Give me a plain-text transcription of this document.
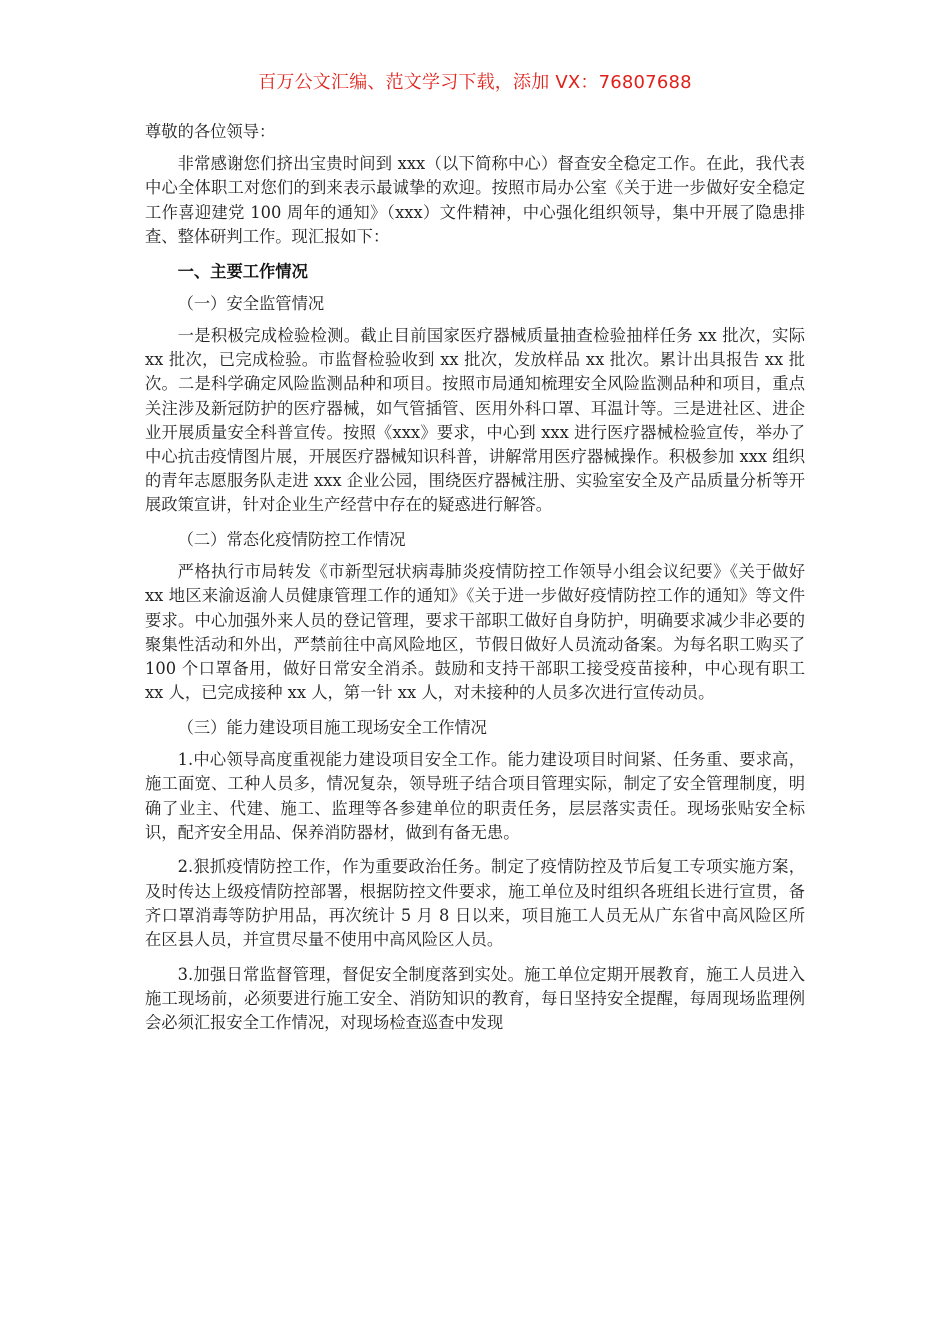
百万公文汇编、范文学习下载，添加 VX：76807688

尊敬的各位领导：

非常感谢您们挤出宝贵时间到 xxx（以下简称中心）督查安全稳定工作。在此，我代表中心全体职工对您们的到来表示最诚挚的欢迎。按照市局办公室《关于进一步做好安全稳定工作喜迎建党 100 周年的通知》（xxx）文件精神，中心强化组织领导，集中开展了隐患排查、整体研判工作。现汇报如下：

一、主要工作情况
（一）安全监管情况

一是积极完成检验检测。截止目前国家医疗器械质量抽查检验抽样任务 xx 批次，实际 xx 批次，已完成检验。市监督检验收到 xx 批次，发放样品 xx 批次。累计出具报告 xx 批次。二是科学确定风险监测品种和项目。按照市局通知梳理安全风险监测品种和项目，重点关注涉及新冠防护的医疗器械，如气管插管、医用外科口罩、耳温计等。三是进社区、进企业开展质量安全科普宣传。按照《xxx》要求，中心到 xxx 进行医疗器械检验宣传，举办了中心抗击疫情图片展，开展医疗器械知识科普，讲解常用医疗器械操作。积极参加 xxx 组织的青年志愿服务队走进 xxx 企业公园，围绕医疗器械注册、实验室安全及产品质量分析等开展政策宣讲，针对企业生产经营中存在的疑惑进行解答。

（二）常态化疫情防控工作情况

严格执行市局转发《市新型冠状病毒肺炎疫情防控工作领导小组会议纪要》《关于做好 xx 地区来渝返渝人员健康管理工作的通知》《关于进一步做好疫情防控工作的通知》等文件要求。中心加强外来人员的登记管理，要求干部职工做好自身防护，明确要求减少非必要的聚集性活动和外出，严禁前往中高风险地区，节假日做好人员流动备案。为每名职工购买了 100 个口罩备用，做好日常安全消杀。鼓励和支持干部职工接受疫苗接种，中心现有职工 xx 人，已完成接种 xx 人，第一针 xx 人，对未接种的人员多次进行宣传动员。

（三）能力建设项目施工现场安全工作情况

1.中心领导高度重视能力建设项目安全工作。能力建设项目时间紧、任务重、要求高，施工面宽、工种人员多，情况复杂，领导班子结合项目管理实际，制定了安全管理制度，明确了业主、代建、施工、监理等各参建单位的职责任务，层层落实责任。现场张贴安全标识，配齐安全用品、保养消防器材，做到有备无患。

2.狠抓疫情防控工作，作为重要政治任务。制定了疫情防控及节后复工专项实施方案，及时传达上级疫情防控部署，根据防控文件要求，施工单位及时组织各班组长进行宣贯，备齐口罩消毒等防护用品，再次统计 5 月 8 日以来，项目施工人员无从广东省中高风险区所在区县人员，并宣贯尽量不使用中高风险区人员。

3.加强日常监督管理，督促安全制度落到实处。施工单位定期开展教育，施工人员进入施工现场前，必须要进行施工安全、消防知识的教育，每日坚持安全提醒，每周现场监理例会必须汇报安全工作情况，对现场检查巡查中发现
